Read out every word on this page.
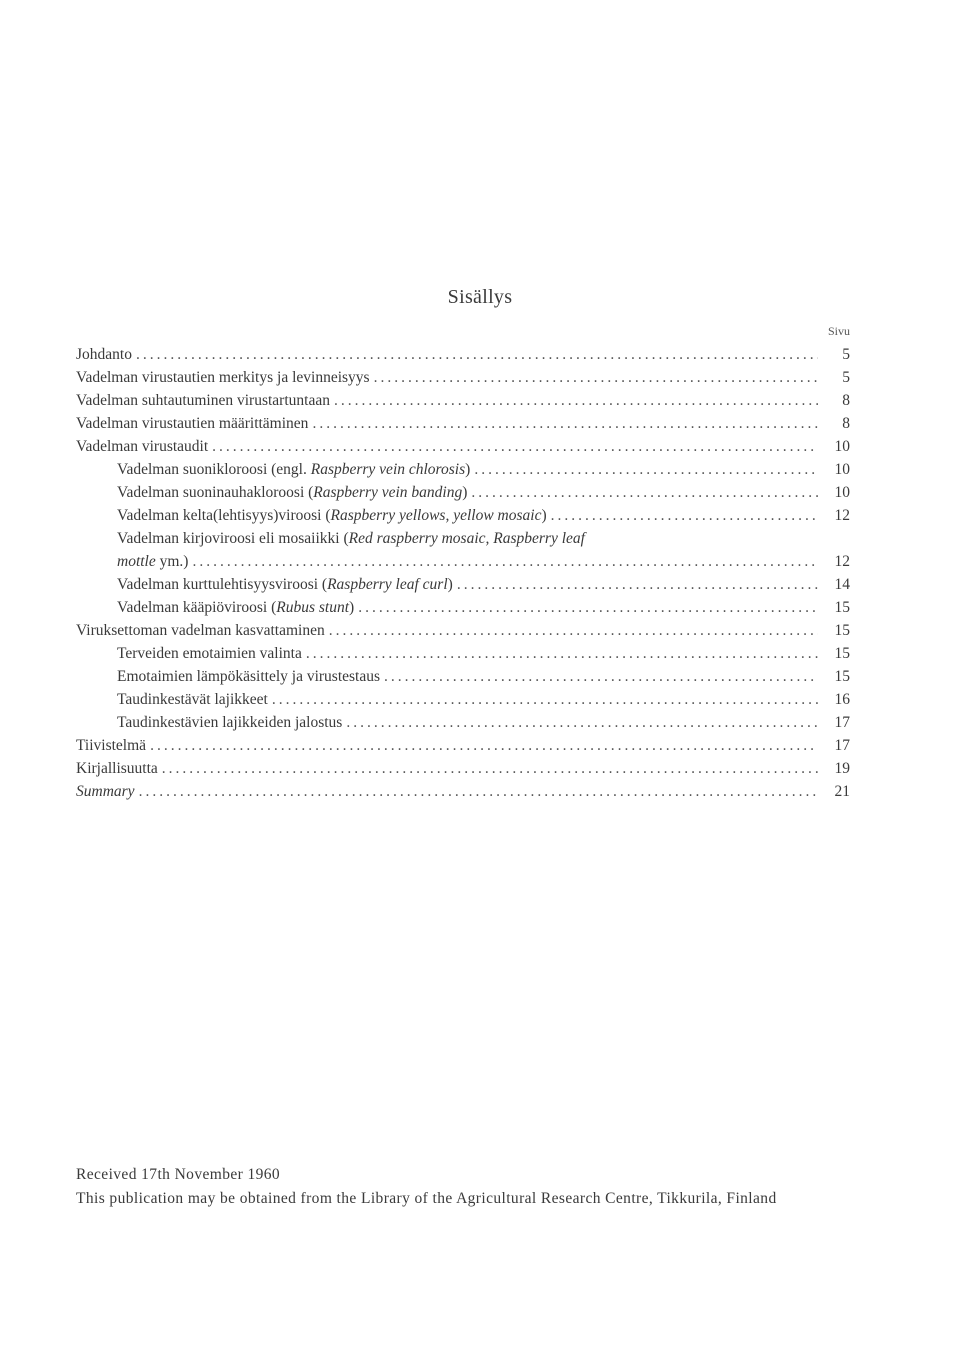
Sisällys
Sivu
Johdanto .....	5
Vadelman virustautien merkitys ja levinneisyys .....	5
Vadelman suhtautuminen virustartuntaan .....	8
Vadelman virustautien määrittäminen .....	8
Vadelman virustaudit .....	10
Vadelman suonikloroosi (engl. Raspberry vein chlorosis) .....	10
Vadelman suoninauhakloroosi (Raspberry vein banding) .....	10
Vadelman kelta(lehtisyys)viroosi (Raspberry yellows, yellow mosaic) .....	12
Vadelman kirjoviroosi eli mosaiikki (Red raspberry mosaic, Raspberry leaf
mottle ym.) .....	12
Vadelman kurttulehtisyysviroosi (Raspberry leaf curl) .....	14
Vadelman kääpiöviroosi (Rubus stunt) .....	15
Viruksettoman vadelman kasvattaminen .....	15
Terveiden emotaimien valinta .....	15
Emotaimien lämpökäsittely ja virustestaus .....	15
Taudinkestävät lajikkeet .....	16
Taudinkestävien lajikkeiden jalostus .....	17
Tiivistelmä .....	17
Kirjallisuutta .....	19
Summary .....	21
Received 17th November 1960
This publication may be obtained from the Library of the Agricultural Research Centre, Tikkurila, Finland
